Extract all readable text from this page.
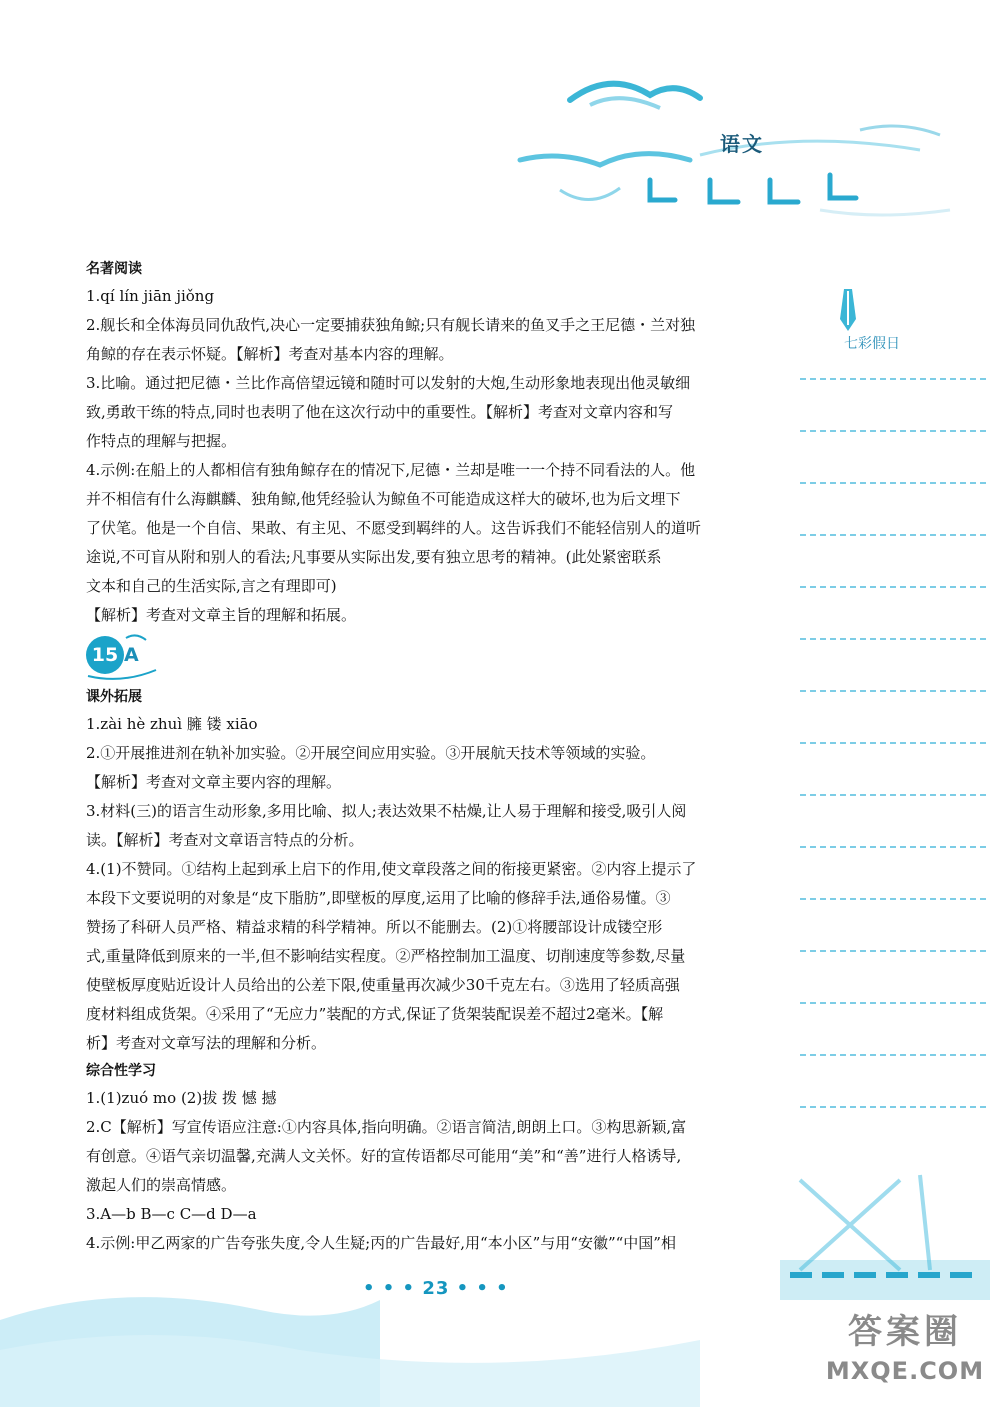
语文
七彩假日
名著阅读
1.qí lín jiān jiǒng
2.舰长和全体海员同仇敌忾,决心一定要捕获独角鲸;只有舰长请来的鱼叉手之王尼德・兰对独
角鲸的存在表示怀疑。【解析】考查对基本内容的理解。
3.比喻。通过把尼德・兰比作高倍望远镜和随时可以发射的大炮,生动形象地表现出他灵敏细
致,勇敢干练的特点,同时也表明了他在这次行动中的重要性。【解析】考查对文章内容和写
作特点的理解与把握。
4.示例:在船上的人都相信有独角鲸存在的情况下,尼德・兰却是唯一一个持不同看法的人。他
并不相信有什么海麒麟、独角鲸,他凭经验认为鲸鱼不可能造成这样大的破坏,也为后文埋下
了伏笔。他是一个自信、果敢、有主见、不愿受到羁绊的人。这告诉我们不能轻信别人的道听
途说,不可盲从附和别人的看法;凡事要从实际出发,要有独立思考的精神。(此处紧密联系
文本和自己的生活实际,言之有理即可)
【解析】考查对文章主旨的理解和拓展。
15 A
课外拓展
1.zài hè zhuì 臃 镂 xiāo
2.①开展推进剂在轨补加实验。②开展空间应用实验。③开展航天技术等领域的实验。
【解析】考查对文章主要内容的理解。
3.材料(三)的语言生动形象,多用比喻、拟人;表达效果不枯燥,让人易于理解和接受,吸引人阅
读。【解析】考查对文章语言特点的分析。
4.(1)不赞同。①结构上起到承上启下的作用,使文章段落之间的衔接更紧密。②内容上提示了
本段下文要说明的对象是“皮下脂肪”,即壁板的厚度,运用了比喻的修辞手法,通俗易懂。③
赞扬了科研人员严格、精益求精的科学精神。所以不能删去。(2)①将腰部设计成镂空形
式,重量降低到原来的一半,但不影响结实程度。②严格控制加工温度、切削速度等参数,尽量
使壁板厚度贴近设计人员给出的公差下限,使重量再次减少30千克左右。③选用了轻质高强
度材料组成货架。④采用了“无应力”装配的方式,保证了货架装配误差不超过2毫米。【解
析】考查对文章写法的理解和分析。
综合性学习
1.(1)zuó mo (2)拔 拨 憾 撼
2.C【解析】写宣传语应注意:①内容具体,指向明确。②语言简洁,朗朗上口。③构思新颖,富
有创意。④语气亲切温馨,充满人文关怀。好的宣传语都尽可能用“美”和“善”进行人格诱导,
激起人们的崇高情感。
3.A—b B—c C—d D—a
4.示例:甲乙两家的广告夸张失度,令人生疑;丙的广告最好,用“本小区”与用“安徽”“中国”相
• • • 23 • • •
答案圈
MXQE.COM
